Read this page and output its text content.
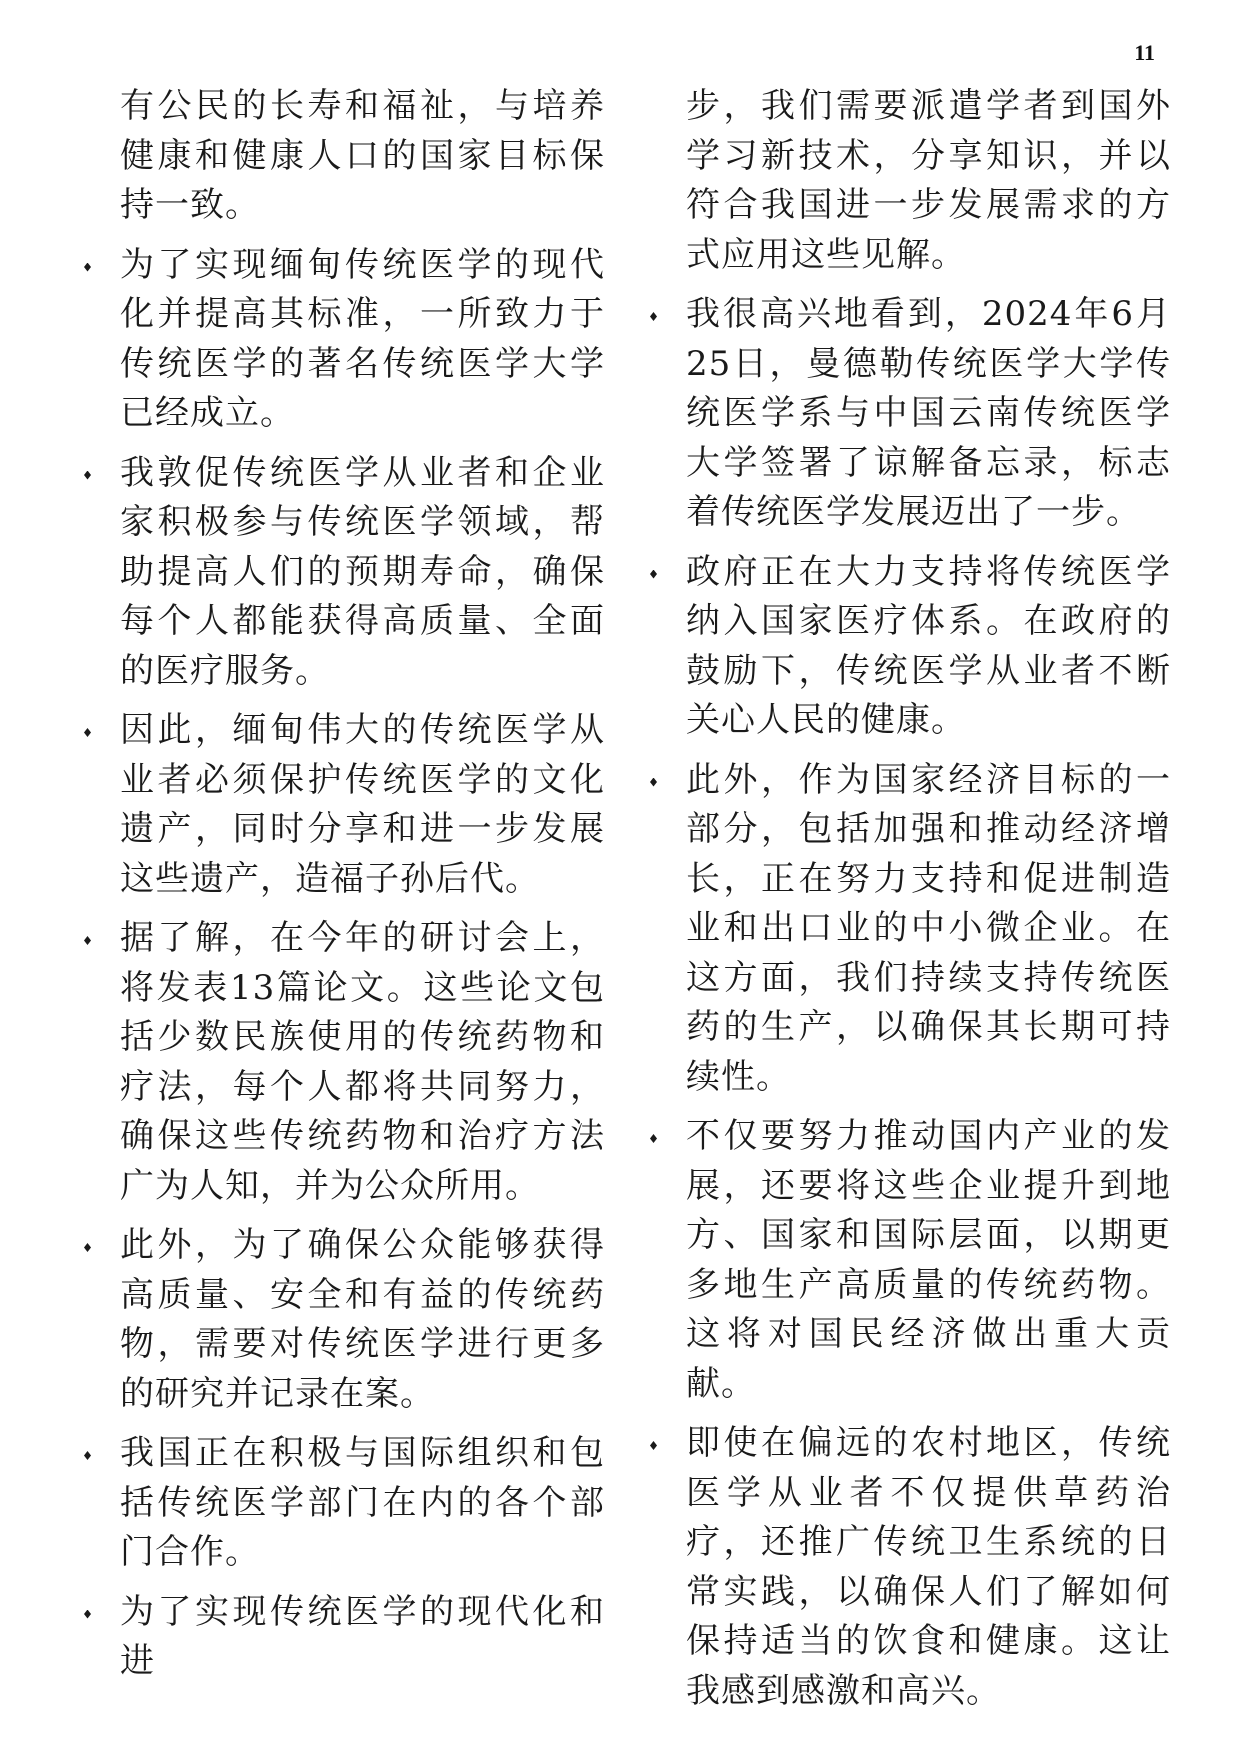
11

有公民的长寿和福祉，与培养健康和健康人口的国家目标保持一致。

为了实现缅甸传统医学的现代化并提高其标准，一所致力于传统医学的著名传统医学大学已经成立。

我敦促传统医学从业者和企业家积极参与传统医学领域，帮助提高人们的预期寿命，确保每个人都能获得高质量、全面的医疗服务。

因此，缅甸伟大的传统医学从业者必须保护传统医学的文化遗产，同时分享和进一步发展这些遗产，造福子孙后代。

据了解，在今年的研讨会上，将发表13篇论文。这些论文包括少数民族使用的传统药物和疗法，每个人都将共同努力，确保这些传统药物和治疗方法广为人知，并为公众所用。

此外，为了确保公众能够获得高质量、安全和有益的传统药物，需要对传统医学进行更多的研究并记录在案。

我国正在积极与国际组织和包括传统医学部门在内的各个部门合作。

为了实现传统医学的现代化和进

步，我们需要派遣学者到国外学习新技术，分享知识，并以符合我国进一步发展需求的方式应用这些见解。

我很高兴地看到，2024年6月25日，曼德勒传统医学大学传统医学系与中国云南传统医学大学签署了谅解备忘录，标志着传统医学发展迈出了一步。

政府正在大力支持将传统医学纳入国家医疗体系。在政府的鼓励下，传统医学从业者不断关心人民的健康。

此外，作为国家经济目标的一部分，包括加强和推动经济增长，正在努力支持和促进制造业和出口业的中小微企业。在这方面，我们持续支持传统医药的生产，以确保其长期可持续性。

不仅要努力推动国内产业的发展，还要将这些企业提升到地方、国家和国际层面，以期更多地生产高质量的传统药物。这将对国民经济做出重大贡献。

即使在偏远的农村地区，传统医学从业者不仅提供草药治疗，还推广传统卫生系统的日常实践，以确保人们了解如何保持适当的饮食和健康。这让我感到感激和高兴。
